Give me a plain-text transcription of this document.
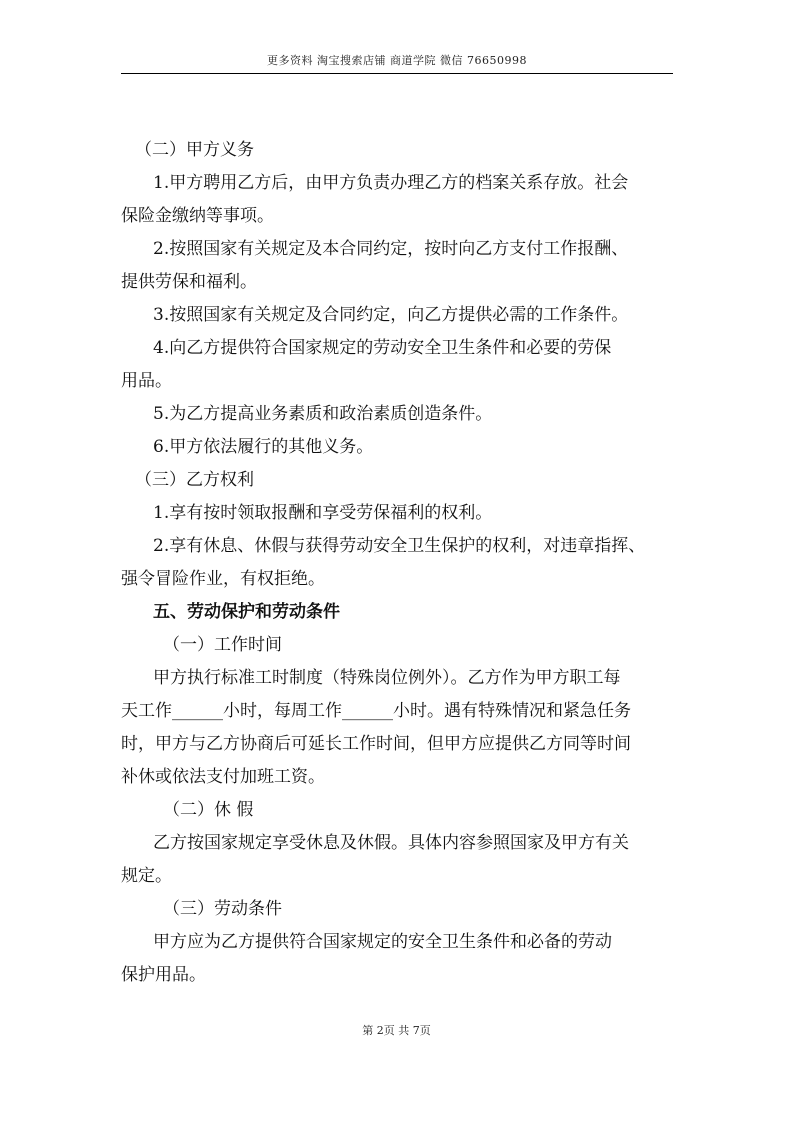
更多资料 淘宝搜索店铺 商道学院 微信 76650998
（二）甲方义务
1.甲方聘用乙方后，由甲方负责办理乙方的档案关系存放。社会
保险金缴纳等事项。
2.按照国家有关规定及本合同约定，按时向乙方支付工作报酬、
提供劳保和福利。
3.按照国家有关规定及合同约定，向乙方提供必需的工作条件。
4.向乙方提供符合国家规定的劳动安全卫生条件和必要的劳保
用品。
5.为乙方提高业务素质和政治素质创造条件。
6.甲方依法履行的其他义务。
（三）乙方权利
1.享有按时领取报酬和享受劳保福利的权利。
2.享有休息、休假与获得劳动安全卫生保护的权利，对违章指挥、
强令冒险作业，有权拒绝。
五、劳动保护和劳动条件
（一）工作时间
甲方执行标准工时制度（特殊岗位例外）。乙方作为甲方职工每
天工作______小时，每周工作______小时。遇有特殊情况和紧急任务
时，甲方与乙方协商后可延长工作时间，但甲方应提供乙方同等时间
补休或依法支付加班工资。
（二）休 假
乙方按国家规定享受休息及休假。具体内容参照国家及甲方有关
规定。
（三）劳动条件
甲方应为乙方提供符合国家规定的安全卫生条件和必备的劳动
保护用品。
第 2页 共 7页
